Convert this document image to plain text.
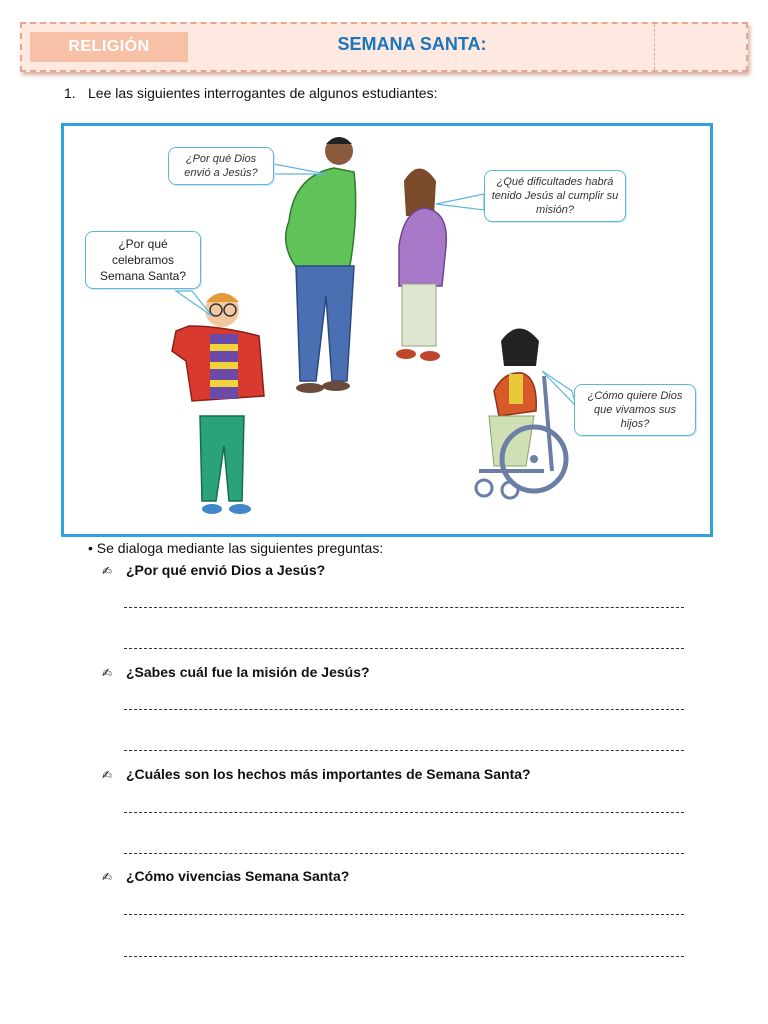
RELIGIÓN	SEMANA SANTA:
1. Lee las siguientes interrogantes de algunos estudiantes:
¿Por qué Dios envió a Jesús?
¿Por qué celebramos Semana Santa?
¿Qué dificultades habrá tenido Jesús al cumplir su misión?
¿Cómo quiere Dios que vivamos sus hijos?
• Se dialoga mediante las siguientes preguntas:
✍ ¿Por qué envió Dios a Jesús?
✍ ¿Sabes cuál fue la misión de Jesús?
✍ ¿Cuáles son los hechos más importantes de Semana Santa?
✍ ¿Cómo vivencias Semana Santa?
